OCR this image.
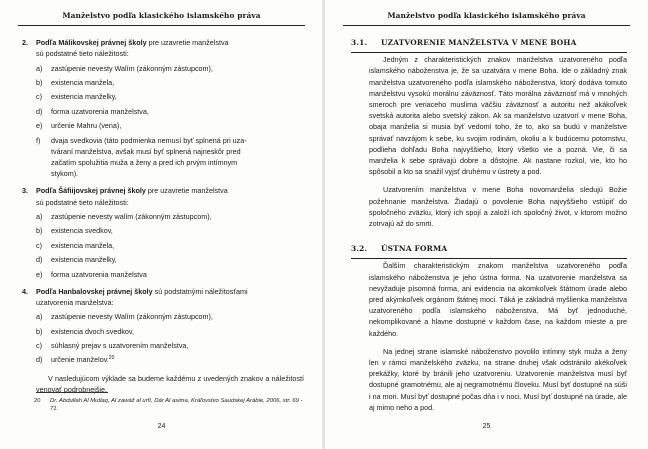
Manželstvo podľa klasického islamského práva
2. Podľa Málikovskej právnej školy pre uzavretie manželstva
sú podstatné tieto náležitosti:
a) zastúpenie nevesty Walím (zákonným zástupcom),
b) existencia manžela,
c) existencia manželky,
d) forma uzatvorenia manželstva,
e) určenie Mahru (vena),
f) dvaja svedkovia (táto podmienka nemusí byť splnená pri uza-
tváraní manželstva, avšak musí byť splnená najneskôr pred
začatím spolužitia muža a ženy a pred ich prvým intímnym
stykom).
3. Podľa Šáfiijovskej právnej školy pre uzavretie manželstva
sú podstatné tieto náležitosti:
a) zastúpenie nevesty walím (zákonným zástupcom),
b) existencia svedkov,
c) existencia manžela,
d) existencia manželky,
e) forma uzatvorenia manželstva
4. Podľa Hanbalovskej právnej školy sú podstatnými náležitosťami
uzatvorenia manželstva:
a) zastúpenie nevesty Walím (zákonným zástupcom),
b) existencia dvoch svedkov,
c) súhlasný prejav s uzatvorením manželstva,
d) určenie manželov.$^{20}$
V nasledujúcom výklade sa budeme každému z uvedených znakov a náležitostí venovať podrobnejšie.
20	Dr. Abdullah Al Mutlaq, Al zawáž al urfí, Dár Al asima, Kráľovstvo Saudskej Arábie, 2006, str. 69 - 71.
24
Manželstvo podľa klasického islamského práva
3.1. UZATVORENIE MANŽELSTVA V MENE BOHA
Jedným z charakteristických znakov manželstva uzatvoreného podľa islamského náboženstva je, že sa uzatvára v mene Boha. Ide o základný znak manželstva uzatvoreného podľa islamského náboženstva, ktorý dodáva tomuto manželstvu vysokú morálnu záväznosť. Táto morálna záväznosť má v mnohých smeroch pre veriaceho muslima väčšiu záväznosť a autoritu než akákoľvek svetská autorita alebo svetský zákon. Ak sa manželstvo uzatvorí v mene Boha, obaja manželia si musia byť vedomí toho, že to, ako sa budú v manželstve správať navzájom k sebe, ku svojim rodinám, okoliu a k budúcemu potomstvu, podlieha dohľadu Boha najvyššieho, ktorý všetko vie a pozná. Vie, či sa manželia k sebe správajú dobre a dôstojne. Ak nastane rozkol, vie, kto ho spôsobil a kto sa snažil vyjsť druhému v ústrety a pod.
Uzatvorením manželstva v mene Boha novomanželia sledujú Božie požehnanie manželstva. Žiadajú o povolenie Boha najvyššieho vstúpiť do spoločného zväzku, ktorý ich spojí a založí ich spoločný život, v ktorom možno zotrvajú až do smrti.
3.2. ÚSTNA FORMA
Ďalším charakteristickým znakom manželstva uzatvoreného podľa islamského náboženstva je jeho ústna forma. Na uzatvorenie manželstva sa nevyžaduje písomná forma, ani evidencia na akomkoľvek štátnom úrade alebo pred akýmkoľvek orgánom štátnej moci. Táká je základná myšlienka manželstva uzatvoreného podľa islamského náboženstva. Má byť jednoduché, nekomplikované a hlavne dostupné v každom čase, na každom mieste a pre každého.
Na jednej strane islamské náboženstvo povolilo intímny styk muža a ženy len v rámci manželského zväzku, na strane druhej však odstránilo akékoľvek prekážky, ktoré by bránili jeho uzatvoreniu. Uzatvorenie manželstva musí byť dostupné gramotnému, ale aj negramotnému človeku. Musí byť dostupné na súši i na mori. Musí byť dostupné počas dňa i v noci. Musí byť dostupné na úrade, ale aj mimo neho a pod.
25
